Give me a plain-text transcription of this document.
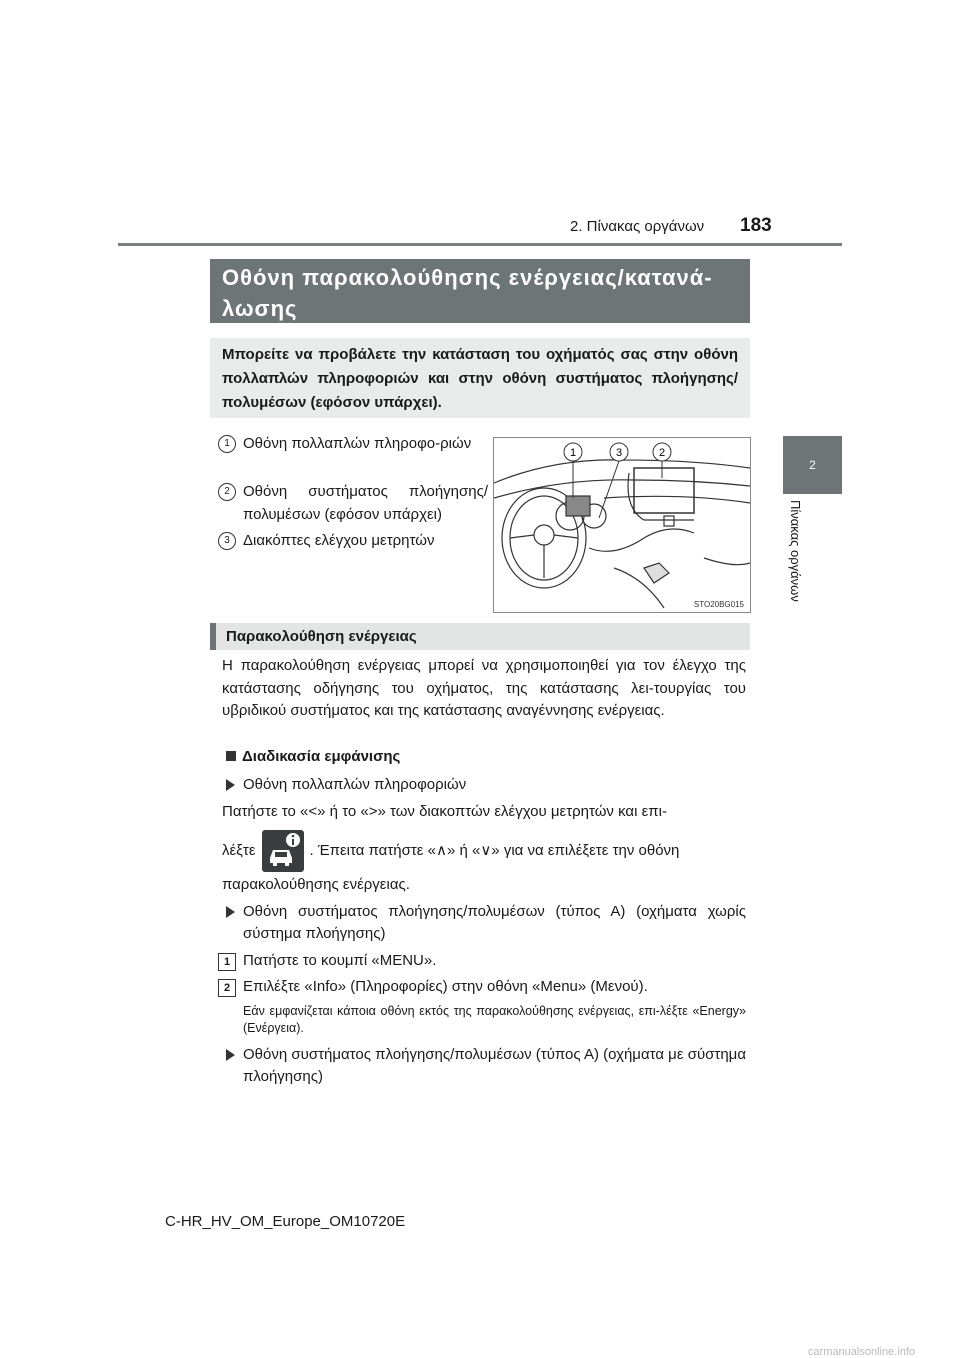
2. Πίνακας οργάνων 183
2
Πίνακας οργάνων
Οθόνη παρακολούθησης ενέργειας/κατανά-λωσης
Μπορείτε να προβάλετε την κατάσταση του οχήματός σας στην οθόνη πολλαπλών πληροφοριών και στην οθόνη συστήματος πλοήγησης/πολυμέσων (εφόσον υπάρχει).
1 Οθόνη πολλαπλών πληροφο-ριών
2 Οθόνη συστήματος πλοήγησης/ πολυμέσων (εφόσον υπάρχει)
3 Διακόπτες ελέγχου μετρητών
1	3	2
STO20BG015
Παρακολούθηση ενέργειας
Η παρακολούθηση ενέργειας μπορεί να χρησιμοποιηθεί για τον έλεγχο της κατάστασης οδήγησης του οχήματος, της κατάστασης λει-τουργίας του υβριδικού συστήματος και της κατάστασης αναγέννησης ενέργειας.
Διαδικασία εμφάνισης
Οθόνη πολλαπλών πληροφοριών
Πατήστε το «<» ή το «>» των διακοπτών ελέγχου μετρητών και επι-
λέξτε	. Έπειτα πατήστε «∧» ή «∨» για να επιλέξετε την οθόνη
παρακολούθησης ενέργειας.
Οθόνη συστήματος πλοήγησης/πολυμέσων (τύπος Α) (οχήματα χωρίς σύστημα πλοήγησης)
1 Πατήστε το κουμπί «MENU».
2 Επιλέξτε «Info» (Πληροφορίες) στην οθόνη «Menu» (Μενού).
Εάν εμφανίζεται κάποια οθόνη εκτός της παρακολούθησης ενέργειας, επι-λέξτε «Energy» (Ενέργεια).
Οθόνη συστήματος πλοήγησης/πολυμέσων (τύπος Α) (οχήματα με σύστημα πλοήγησης)
C-HR_HV_OM_Europe_OM10720E
carmanualsonline.info
